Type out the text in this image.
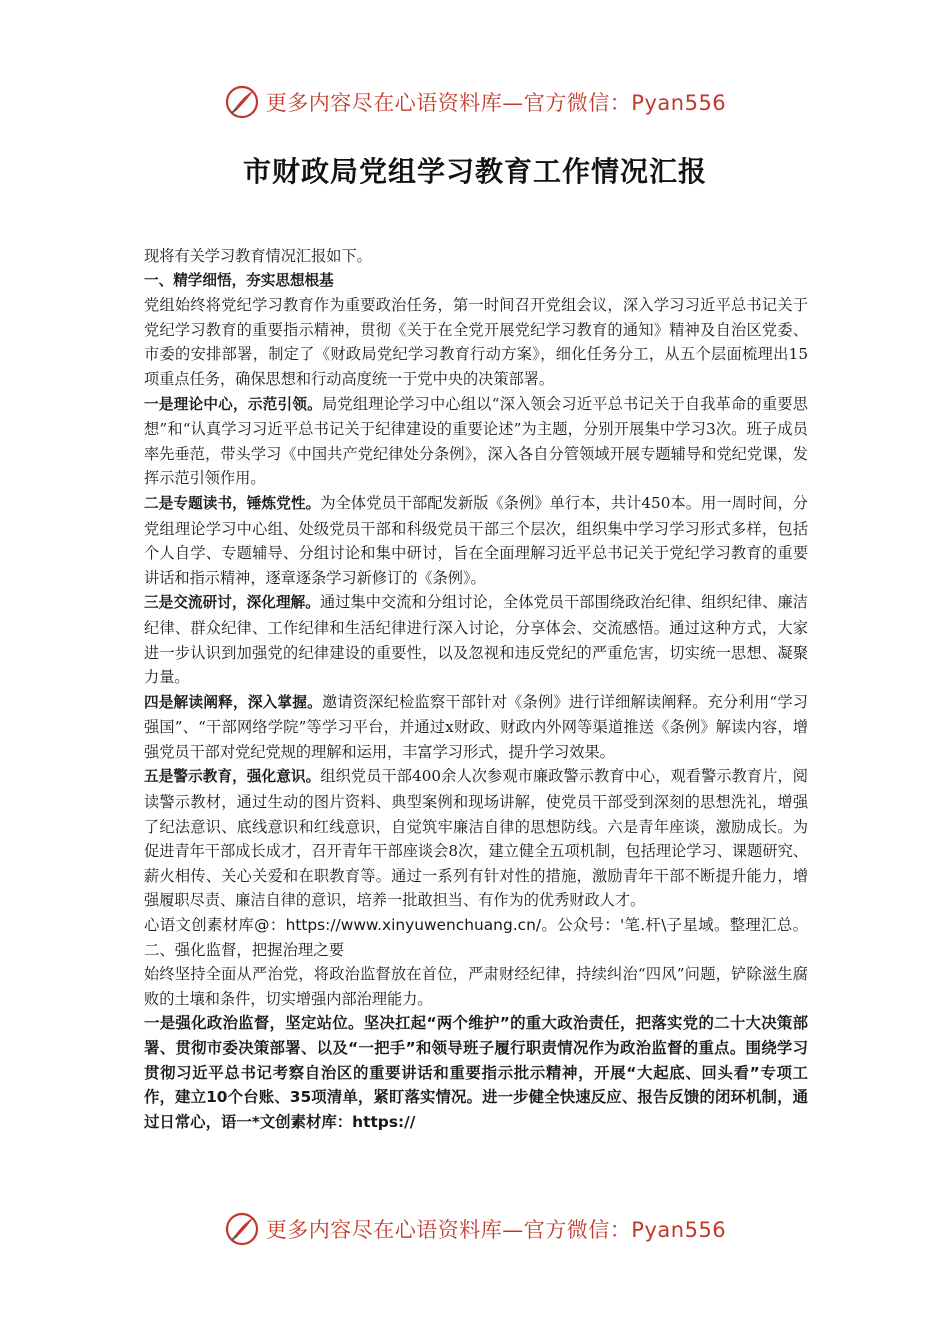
更多内容尽在心语资料库—官方微信：Pyan556
市财政局党组学习教育工作情况汇报

现将有关学习教育情况汇报如下。

一、精学细悟，夯实思想根基

党组始终将党纪学习教育作为重要政治任务，第一时间召开党组会议，深入学习习近平总书记关于党纪学习教育的重要指示精神，贯彻《关于在全党开展党纪学习教育的通知》精神及自治区党委、市委的安排部署，制定了《财政局党纪学习教育行动方案》，细化任务分工，从五个层面梳理出15项重点任务，确保思想和行动高度统一于党中央的决策部署。

一是理论中心，示范引领。局党组理论学习中心组以“深入领会习近平总书记关于自我革命的重要思想”和“认真学习习近平总书记关于纪律建设的重要论述”为主题，分别开展集中学习3次。班子成员率先垂范，带头学习《中国共产党纪律处分条例》，深入各自分管领域开展专题辅导和党纪党课，发挥示范引领作用。

二是专题读书，锤炼党性。为全体党员干部配发新版《条例》单行本，共计450本。用一周时间，分党组理论学习中心组、处级党员干部和科级党员干部三个层次，组织集中学习学习形式多样，包括个人自学、专题辅导、分组讨论和集中研讨，旨在全面理解习近平总书记关于党纪学习教育的重要讲话和指示精神，逐章逐条学习新修订的《条例》。

三是交流研讨，深化理解。通过集中交流和分组讨论，全体党员干部围绕政治纪律、组织纪律、廉洁纪律、群众纪律、工作纪律和生活纪律进行深入讨论，分享体会、交流感悟。通过这种方式，大家进一步认识到加强党的纪律建设的重要性，以及忽视和违反党纪的严重危害，切实统一思想、凝聚力量。

四是解读阐释，深入掌握。邀请资深纪检监察干部针对《条例》进行详细解读阐释。充分利用“学习强国”、“干部网络学院”等学习平台，并通过x财政、财政内外网等渠道推送《条例》解读内容，增强党员干部对党纪党规的理解和运用，丰富学习形式，提升学习效果。

五是警示教育，强化意识。组织党员干部400余人次参观市廉政警示教育中心，观看警示教育片，阅读警示教材，通过生动的图片资料、典型案例和现场讲解，使党员干部受到深刻的思想洗礼，增强了纪法意识、底线意识和红线意识，自觉筑牢廉洁自律的思想防线。六是青年座谈，激励成长。为促进青年干部成长成才，召开青年干部座谈会8次，建立健全五项机制，包括理论学习、课题研究、薪火相传、关心关爱和在职教育等。通过一系列有针对性的措施，激励青年干部不断提升能力，增强履职尽责、廉洁自律的意识，培养一批敢担当、有作为的优秀财政人才。

心语文创素材库@：https://www.xinyuwenchuang.cn/。公众号：'笔.杆\子星域。整理汇总。二、强化监督，把握治理之要

始终坚持全面从严治党，将政治监督放在首位，严肃财经纪律，持续纠治“四风”问题，铲除滋生腐败的土壤和条件，切实增强内部治理能力。

一是强化政治监督，坚定站位。坚决扛起“两个维护”的重大政治责任，把落实党的二十大决策部署、贯彻市委决策部署、以及“一把手”和领导班子履行职责情况作为政治监督的重点。围绕学习贯彻习近平总书记考察自治区的重要讲话和重要指示批示精神，开展“大起底、回头看”专项工作，建立10个台账、35项清单，紧盯落实情况。进一步健全快速反应、报告反馈的闭环机制，通过日常心，语一*文创素材库：https://

更多内容尽在心语资料库—官方微信：Pyan556
